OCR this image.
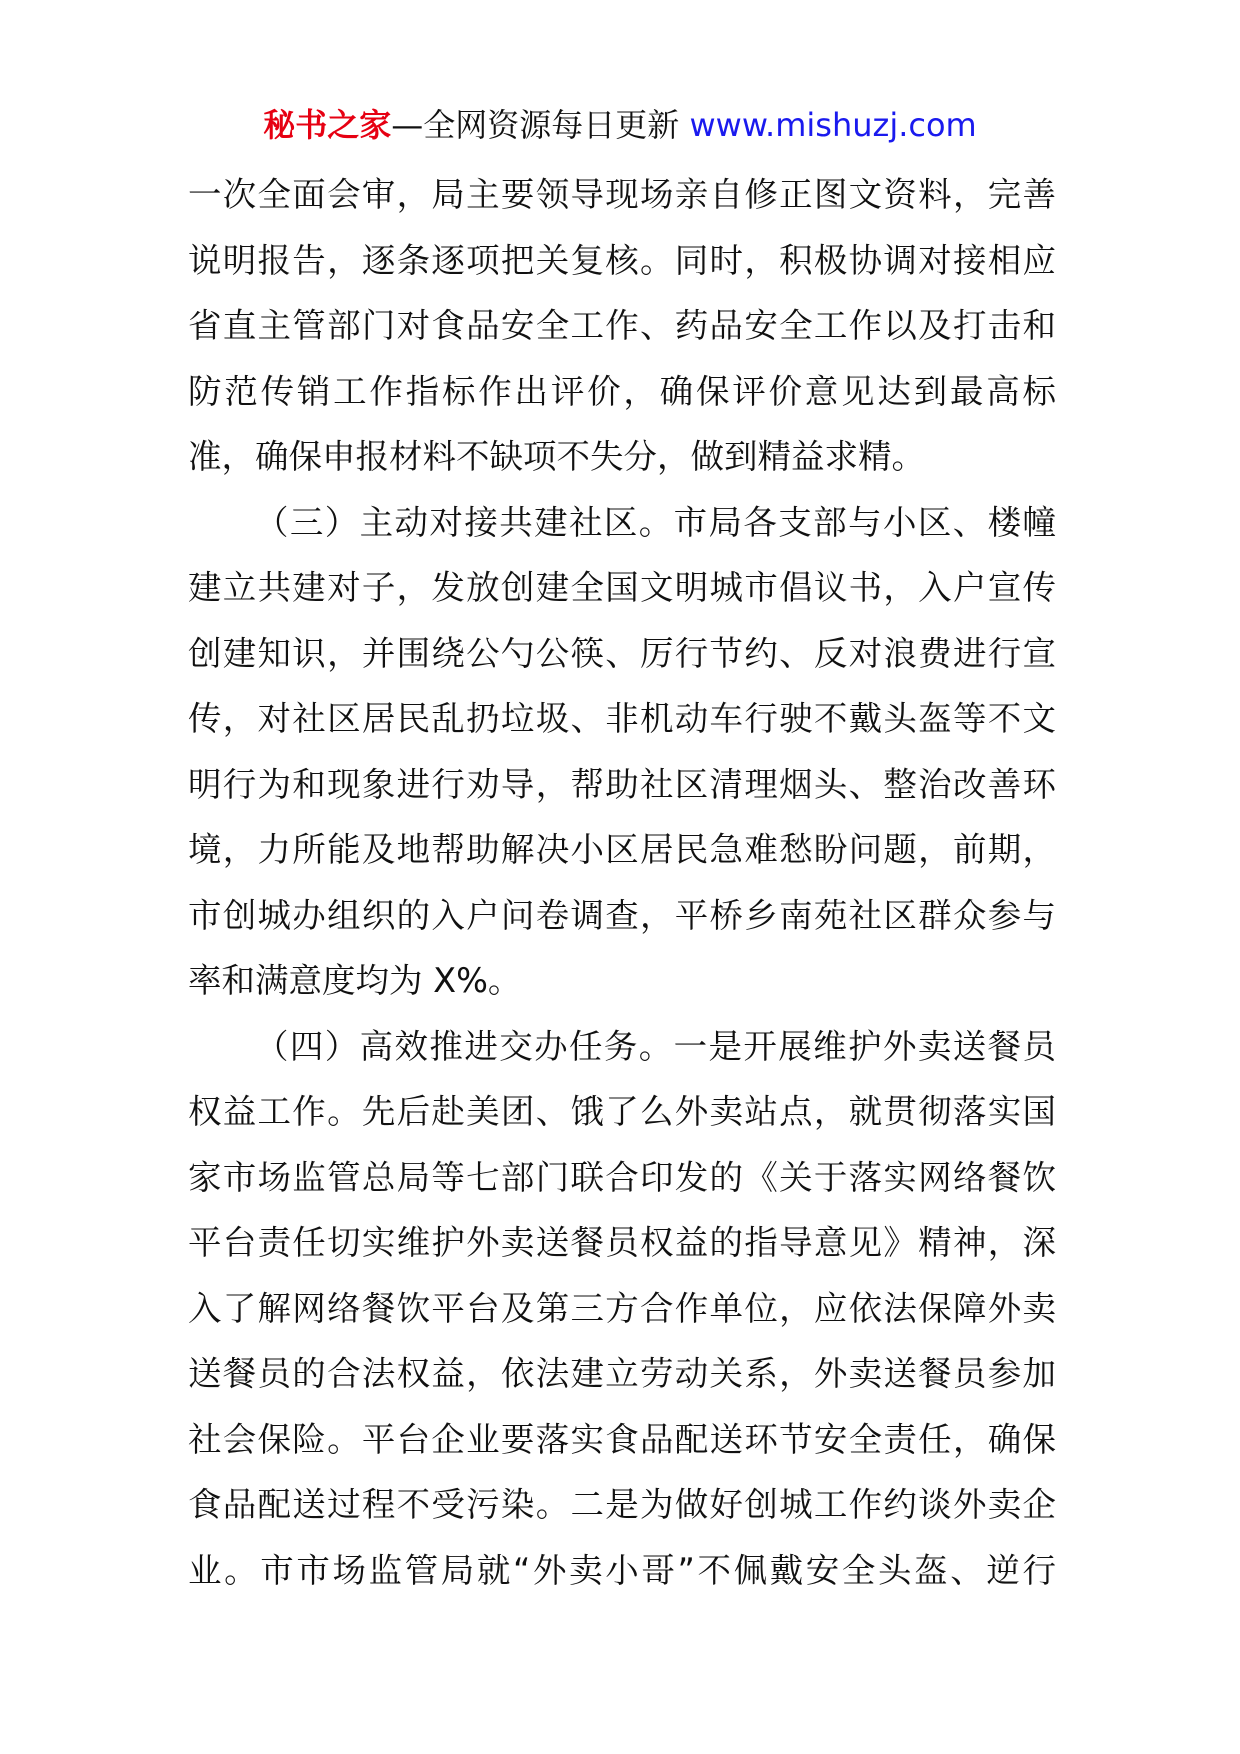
秘书之家—全网资源每日更新 www.mishuzj.com
一次全面会审，局主要领导现场亲自修正图文资料，完善
说明报告，逐条逐项把关复核。同时，积极协调对接相应
省直主管部门对食品安全工作、药品安全工作以及打击和
防范传销工作指标作出评价，确保评价意见达到最高标
准，确保申报材料不缺项不失分，做到精益求精。
（三）主动对接共建社区。市局各支部与小区、楼幢
建立共建对子，发放创建全国文明城市倡议书，入户宣传
创建知识，并围绕公勺公筷、厉行节约、反对浪费进行宣
传，对社区居民乱扔垃圾、非机动车行驶不戴头盔等不文
明行为和现象进行劝导，帮助社区清理烟头、整治改善环
境，力所能及地帮助解决小区居民急难愁盼问题，前期，
市创城办组织的入户问卷调查，平桥乡南苑社区群众参与
率和满意度均为 X%。
（四）高效推进交办任务。一是开展维护外卖送餐员
权益工作。先后赴美团、饿了么外卖站点，就贯彻落实国
家市场监管总局等七部门联合印发的《关于落实网络餐饮
平台责任切实维护外卖送餐员权益的指导意见》精神，深
入了解网络餐饮平台及第三方合作单位，应依法保障外卖
送餐员的合法权益，依法建立劳动关系，外卖送餐员参加
社会保险。平台企业要落实食品配送环节安全责任，确保
食品配送过程不受污染。二是为做好创城工作约谈外卖企
业。市市场监管局就“外卖小哥”不佩戴安全头盔、逆行
